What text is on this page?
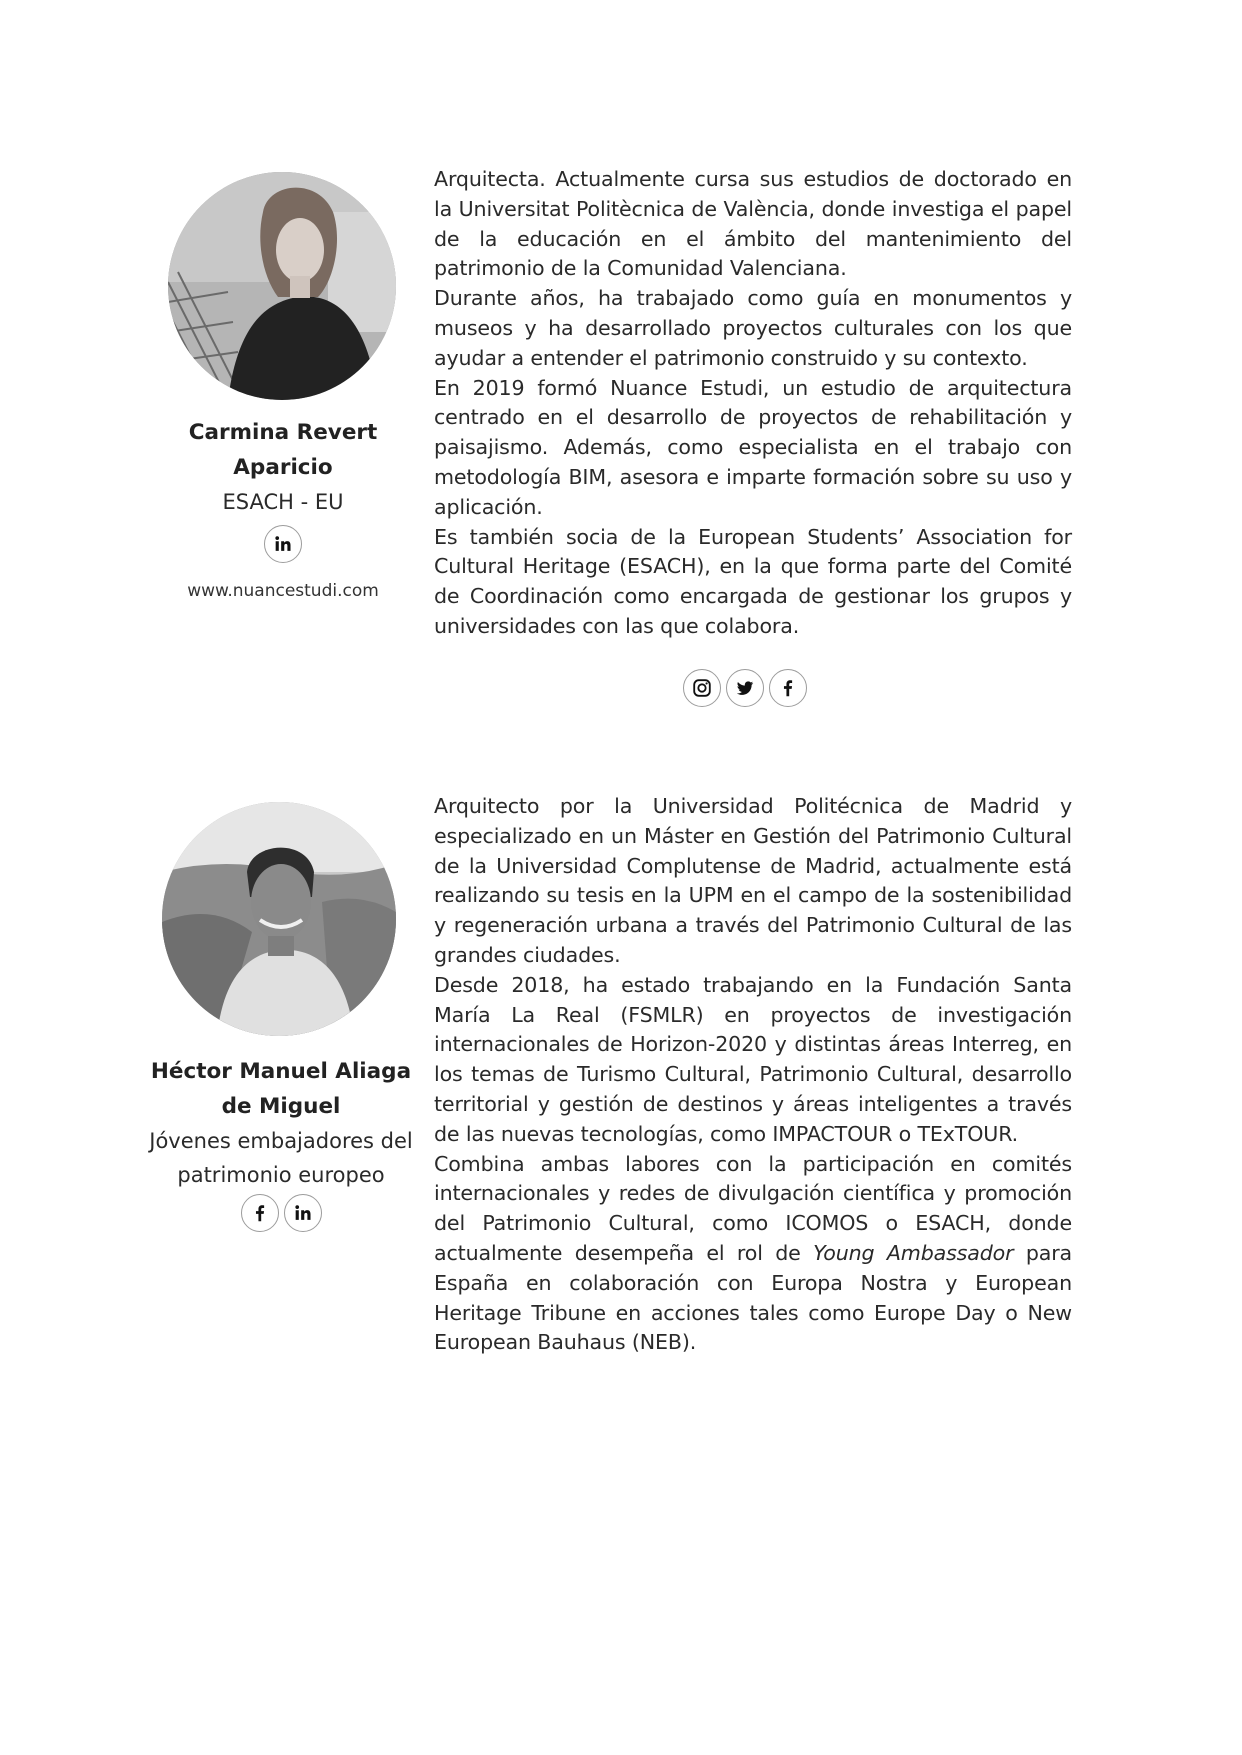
Carmina Revert
Aparicio
ESACH - EU
www.nuancestudi.com

Arquitecta. Actualmente cursa sus estudios de doctorado en la Universitat Politècnica de València, donde investiga el papel de la educación en el ámbito del mantenimiento del patrimonio de la Comunidad Valenciana.

Durante años, ha trabajado como guía en monumentos y museos y ha desarrollado proyectos culturales con los que ayudar a entender el patrimonio construido y su contexto.

En 2019 formó Nuance Estudi, un estudio de arquitectura centrado en el desarrollo de proyectos de rehabilitación y paisajismo. Además, como especialista en el trabajo con metodología BIM, asesora e imparte formación sobre su uso y aplicación.

Es también socia de la European Students’ Association for Cultural Heritage (ESACH), en la que forma parte del Comité de Coordinación como encargada de gestionar los grupos y universidades con las que colabora.

Héctor Manuel Aliaga
de Miguel
Jóvenes embajadores del
patrimonio europeo

Arquitecto por la Universidad Politécnica de Madrid y especializado en un Máster en Gestión del Patrimonio Cultural de la Universidad Complutense de Madrid, actualmente está realizando su tesis en la UPM en el campo de la sostenibilidad y regeneración urbana a través del Patrimonio Cultural de las grandes ciudades.

Desde 2018, ha estado trabajando en la Fundación Santa María La Real (FSMLR) en proyectos de investigación internacionales de Horizon-2020 y distintas áreas Interreg, en los temas de Turismo Cultural, Patrimonio Cultural, desarrollo territorial y gestión de destinos y áreas inteligentes a través de las nuevas tecnologías, como IMPACTOUR o TExTOUR.

Combina ambas labores con la participación en comités internacionales y redes de divulgación científica y promoción del Patrimonio Cultural, como ICOMOS o ESACH, donde actualmente desempeña el rol de Young Ambassador para España en colaboración con Europa Nostra y European Heritage Tribune en acciones tales como Europe Day o New European Bauhaus (NEB).
